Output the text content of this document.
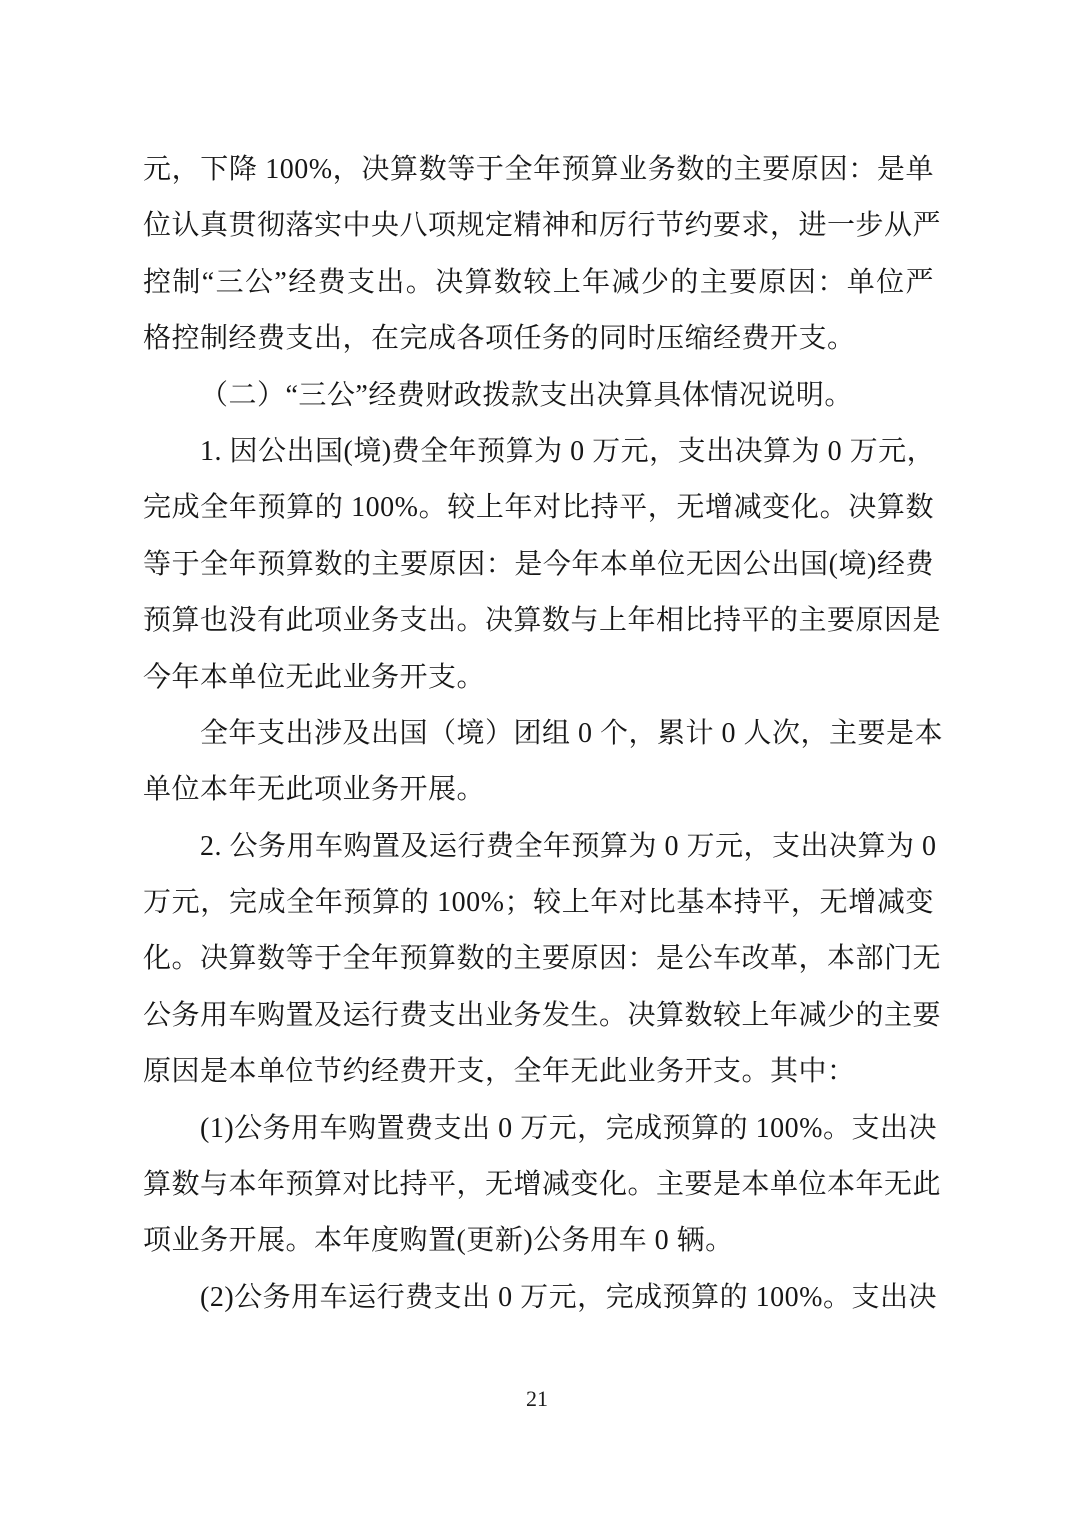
元，下降 100%，决算数等于全年预算业务数的主要原因：是单
位认真贯彻落实中央八项规定精神和厉行节约要求，进一步从严
控制“三公”经费支出。决算数较上年减少的主要原因：单位严
格控制经费支出，在完成各项任务的同时压缩经费开支。
（二）“三公”经费财政拨款支出决算具体情况说明。
1. 因公出国(境)费全年预算为 0 万元，支出决算为 0 万元，
完成全年预算的 100%。较上年对比持平，无增减变化。决算数
等于全年预算数的主要原因：是今年本单位无因公出国(境)经费
预算也没有此项业务支出。决算数与上年相比持平的主要原因是
今年本单位无此业务开支。
全年支出涉及出国（境）团组 0 个，累计 0 人次，主要是本
单位本年无此项业务开展。
2. 公务用车购置及运行费全年预算为 0 万元，支出决算为 0
万元，完成全年预算的 100%；较上年对比基本持平，无增减变
化。决算数等于全年预算数的主要原因：是公车改革，本部门无
公务用车购置及运行费支出业务发生。决算数较上年减少的主要
原因是本单位节约经费开支，全年无此业务开支。其中：
(1)公务用车购置费支出 0 万元，完成预算的 100%。支出决
算数与本年预算对比持平，无增减变化。主要是本单位本年无此
项业务开展。本年度购置(更新)公务用车 0 辆。
(2)公务用车运行费支出 0 万元，完成预算的 100%。支出决
21
